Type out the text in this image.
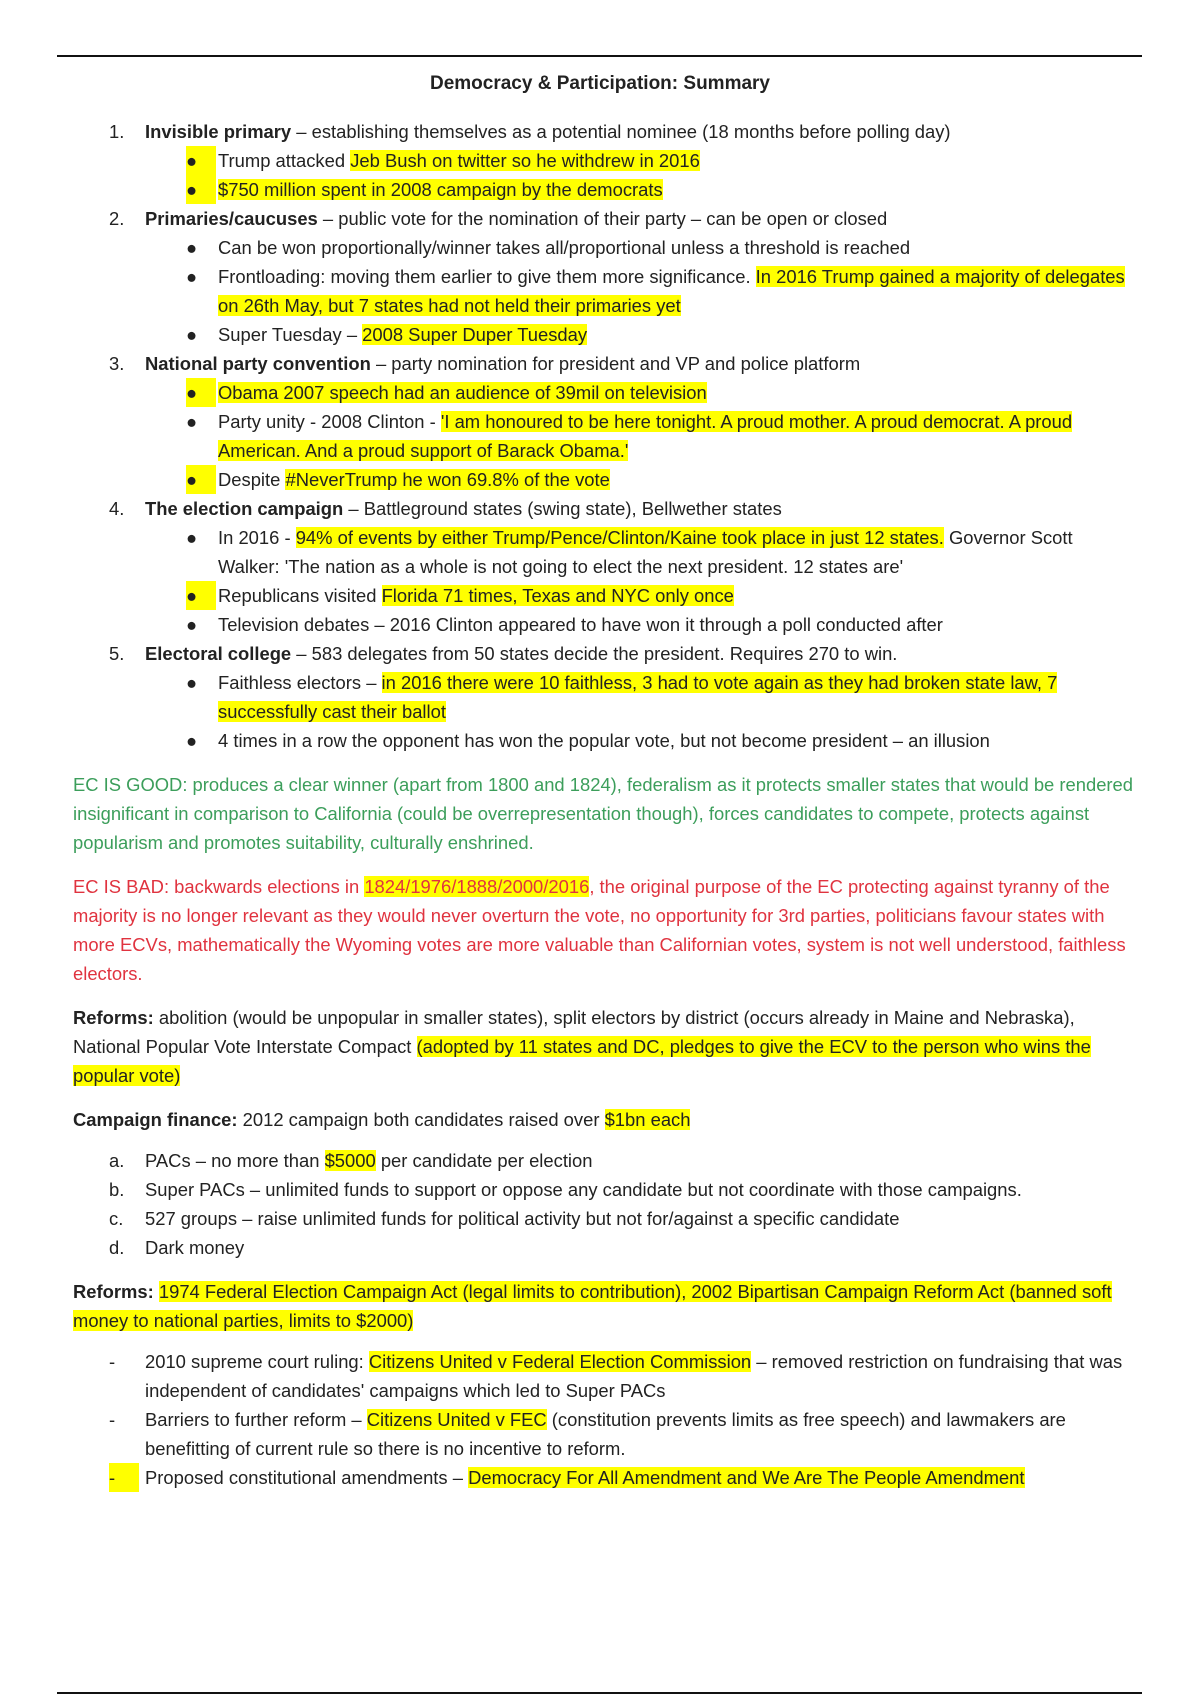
Democracy & Participation: Summary
1. Invisible primary – establishing themselves as a potential nominee (18 months before polling day)
●	Trump attacked Jeb Bush on twitter so he withdrew in 2016
●	$750 million spent in 2008 campaign by the democrats
2. Primaries/caucuses – public vote for the nomination of their party – can be open or closed
● Can be won proportionally/winner takes all/proportional unless a threshold is reached
● Frontloading: moving them earlier to give them more significance. In 2016 Trump gained a majority of delegates on 26th May, but 7 states had not held their primaries yet
● Super Tuesday – 2008 Super Duper Tuesday
3. National party convention – party nomination for president and VP and police platform
●	Obama 2007 speech had an audience of 39mil on television
● Party unity - 2008 Clinton - 'I am honoured to be here tonight. A proud mother. A proud democrat. A proud American. And a proud support of Barack Obama.'
●	Despite #NeverTrump he won 69.8% of the vote
4. The election campaign – Battleground states (swing state), Bellwether states
● In 2016 - 94% of events by either Trump/Pence/Clinton/Kaine took place in just 12 states. Governor Scott Walker: 'The nation as a whole is not going to elect the next president. 12 states are'
●	Republicans visited Florida 71 times, Texas and NYC only once
● Television debates – 2016 Clinton appeared to have won it through a poll conducted after
5. Electoral college – 583 delegates from 50 states decide the president. Requires 270 to win.
● Faithless electors – in 2016 there were 10 faithless, 3 had to vote again as they had broken state law, 7 successfully cast their ballot
● 4 times in a row the opponent has won the popular vote, but not become president – an illusion

EC IS GOOD: produces a clear winner (apart from 1800 and 1824), federalism as it protects smaller states that would be rendered insignificant in comparison to California (could be overrepresentation though), forces candidates to compete, protects against popularism and promotes suitability, culturally enshrined.

EC IS BAD: backwards elections in 1824/1976/1888/2000/2016, the original purpose of the EC protecting against tyranny of the majority is no longer relevant as they would never overturn the vote, no opportunity for 3rd parties, politicians favour states with more ECVs, mathematically the Wyoming votes are more valuable than Californian votes, system is not well understood, faithless electors.

Reforms: abolition (would be unpopular in smaller states), split electors by district (occurs already in Maine and Nebraska), National Popular Vote Interstate Compact (adopted by 11 states and DC, pledges to give the ECV to the person who wins the popular vote)

Campaign finance: 2012 campaign both candidates raised over $1bn each

a. PACs – no more than $5000 per candidate per election
b. Super PACs – unlimited funds to support or oppose any candidate but not coordinate with those campaigns.
c. 527 groups – raise unlimited funds for political activity but not for/against a specific candidate
d. Dark money

Reforms: 1974 Federal Election Campaign Act (legal limits to contribution), 2002 Bipartisan Campaign Reform Act (banned soft money to national parties, limits to $2000)

-	2010 supreme court ruling: Citizens United v Federal Election Commission – removed restriction on fundraising that was independent of candidates' campaigns which led to Super PACs
-	Barriers to further reform – Citizens United v FEC (constitution prevents limits as free speech) and lawmakers are benefitting of current rule so there is no incentive to reform.
-	Proposed constitutional amendments – Democracy For All Amendment and We Are The People Amendment
